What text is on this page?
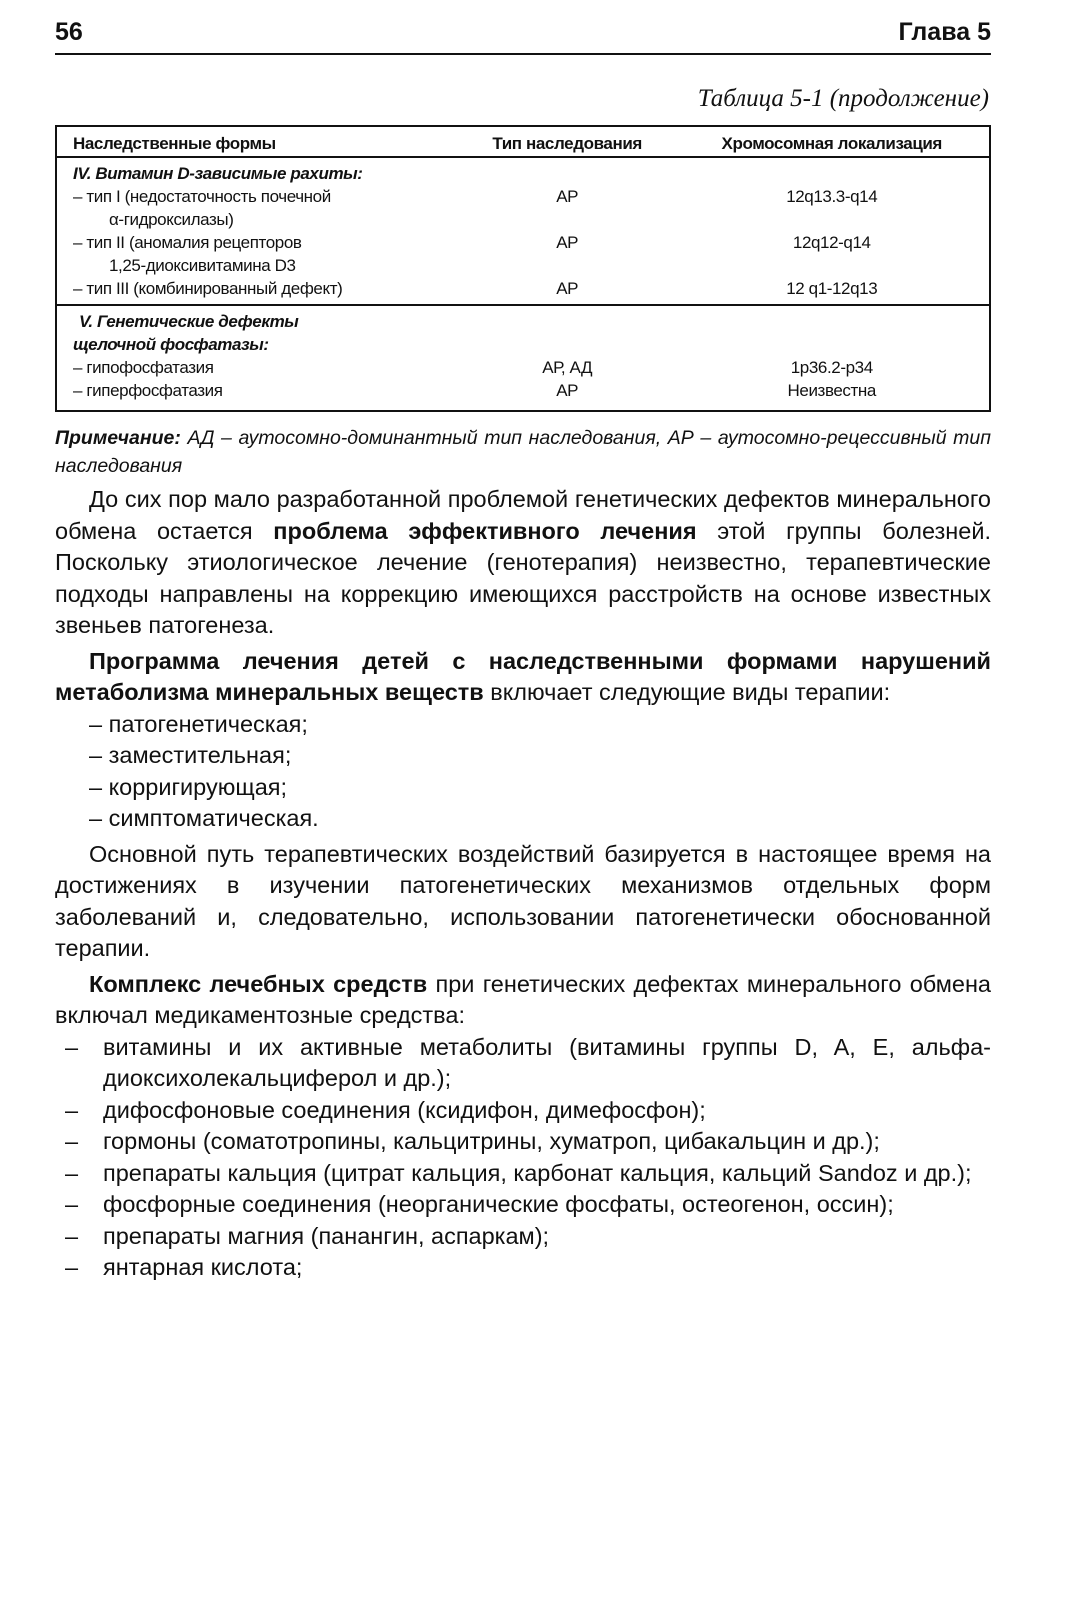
56	Глава 5
Таблица 5-1 (продолжение)
Наследственные формы	Тип наследования	Хромосомная локализация
IV. Витамин D-зависимые рахиты:		

– тип I (недостаточность почечной
α-гидроксилазы)	АР	12q13.3-q14

– тип II (аномалия рецепторов
1,25-диоксивитамина D3	АР	12q12-q14
– тип III (комбинированный дефект)	АР	12 q1-12q13

V. Генетические дефекты
щелочной фосфатазы:		

– гипофосфатазия	АР, АД	1p36.2-p34
– гиперфосфатазия	АР	Неизвестна
Примечание: АД – аутосомно-доминантный тип наследования, АР – аутосомно-рецессивный тип наследования

До сих пор мало разработанной проблемой генетических дефектов минерального обмена остается проблема эффективного лечения этой группы болезней. Поскольку этиологическое лечение (генотерапия) неизвестно, терапевтические подходы направлены на коррекцию имеющихся расстройств на основе известных звеньев патогенеза.

Программа лечения детей с наследственными формами нарушений метаболизма минеральных веществ включает следующие виды терапии:

– патогенетическая;

– заместительная;

– корригирующая;

– симптоматическая.

Основной путь терапевтических воздействий базируется в настоящее время на достижениях в изучении патогенетических механизмов отдельных форм заболеваний и, следовательно, использовании патогенетически обоснованной терапии.

Комплекс лечебных средств при генетических дефектах минерального обмена включал медикаментозные средства:

– витамины и их активные метаболиты (витамины группы D, A, E, альфа-диоксихолекальциферол и др.);
– дифосфоновые соединения (ксидифон, димефосфон);
– гормоны (соматотропины, кальцитрины, хуматроп, цибакальцин и др.);
– препараты кальция (цитрат кальция, карбонат кальция, кальций Sandoz и др.);
– фосфорные соединения (неорганические фосфаты, остеогенон, оссин);
– препараты магния (панангин, аспаркам);
– янтарная кислота;
